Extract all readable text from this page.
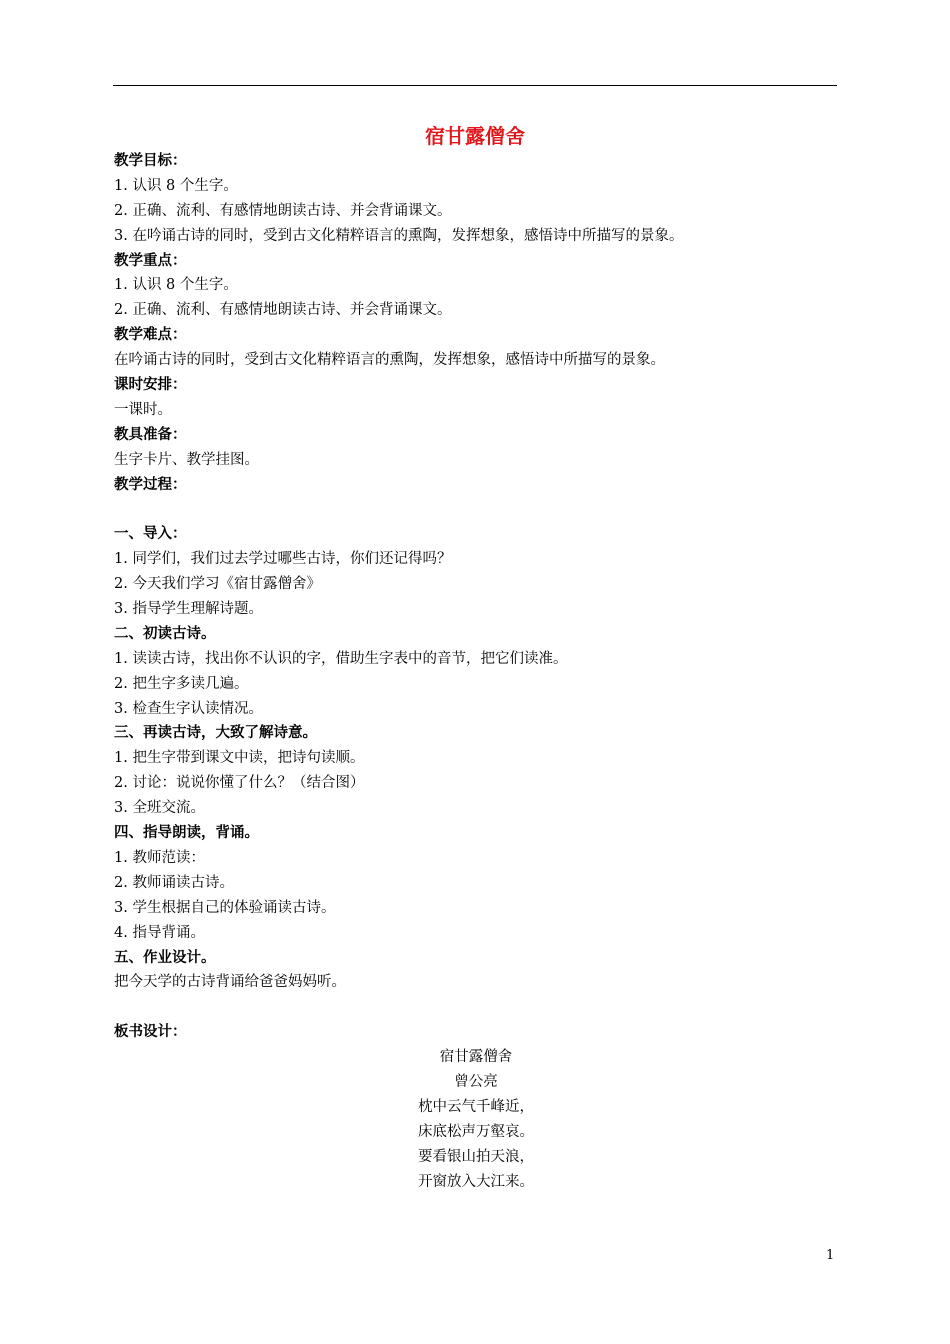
宿甘露僧舍
教学目标：
1. 认识 8 个生字。
2. 正确、流利、有感情地朗读古诗、并会背诵课文。
3. 在吟诵古诗的同时，受到古文化精粹语言的熏陶，发挥想象，感悟诗中所描写的景象。
教学重点：
1. 认识 8 个生字。
2. 正确、流利、有感情地朗读古诗、并会背诵课文。
教学难点：
在吟诵古诗的同时，受到古文化精粹语言的熏陶，发挥想象，感悟诗中所描写的景象。
课时安排：
一课时。
教具准备：
生字卡片、教学挂图。
教学过程：
一、导入：
1. 同学们，我们过去学过哪些古诗，你们还记得吗？
2. 今天我们学习《宿甘露僧舍》
3. 指导学生理解诗题。
二、初读古诗。
1. 读读古诗，找出你不认识的字，借助生字表中的音节，把它们读准。
2. 把生字多读几遍。
3. 检查生字认读情况。
三、再读古诗，大致了解诗意。
1. 把生字带到课文中读，把诗句读顺。
2. 讨论：说说你懂了什么？（结合图）
3. 全班交流。
四、指导朗读，背诵。
1. 教师范读：
2. 教师诵读古诗。
3. 学生根据自己的体验诵读古诗。
4. 指导背诵。
五、作业设计。
把今天学的古诗背诵给爸爸妈妈听。
板书设计：
宿甘露僧舍
曾公亮
枕中云气千峰近，
床底松声万壑哀。
要看银山拍天浪，
开窗放入大江来。
1
